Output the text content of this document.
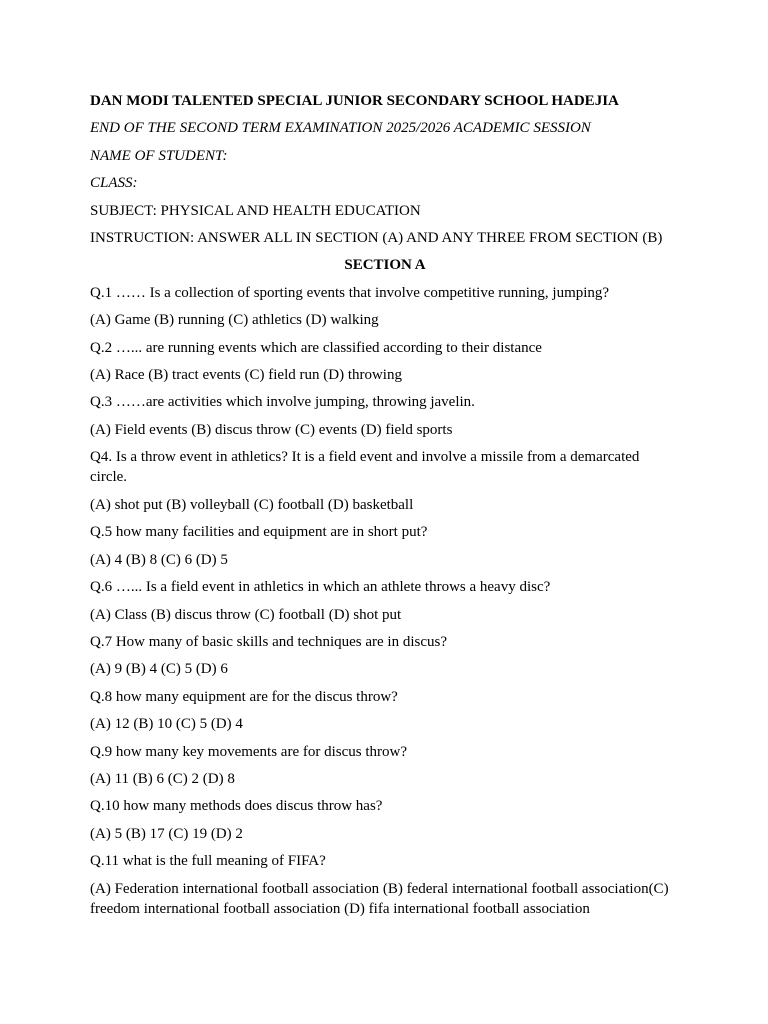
DAN MODI TALENTED SPECIAL JUNIOR SECONDARY SCHOOL HADEJIA
END OF THE SECOND TERM EXAMINATION 2025/2026 ACADEMIC SESSION
NAME OF STUDENT:
CLASS:
SUBJECT: PHYSICAL AND HEALTH EDUCATION
INSTRUCTION: ANSWER ALL IN SECTION (A) AND ANY THREE FROM SECTION (B)
SECTION A
Q.1 …… Is a collection of sporting events that involve competitive running, jumping?
(A) Game (B) running (C) athletics (D) walking
Q.2 …... are running events which are classified according to their distance
(A) Race (B) tract events (C) field run (D) throwing
Q.3 ……are activities which involve jumping, throwing javelin.
(A) Field events (B) discus throw (C) events (D) field sports
Q4. Is a throw event in athletics? It is a field event and involve a missile from a demarcated circle.
(A) shot put (B) volleyball (C) football (D) basketball
Q.5 how many facilities and equipment are in short put?
(A) 4 (B) 8 (C) 6 (D) 5
Q.6 …... Is a field event in athletics in which an athlete throws a heavy disc?
(A) Class (B) discus throw (C) football (D) shot put
Q.7 How many of basic skills and techniques are in discus?
(A) 9 (B) 4 (C) 5 (D) 6
Q.8 how many equipment are for the discus throw?
(A) 12 (B) 10 (C) 5 (D) 4
Q.9 how many key movements are for discus throw?
(A) 11 (B) 6 (C) 2 (D) 8
Q.10 how many methods does discus throw has?
(A) 5 (B) 17 (C) 19 (D) 2
Q.11 what is the full meaning of FIFA?
(A) Federation international football association (B) federal international football association(C) freedom international football association (D) fifa international football association
